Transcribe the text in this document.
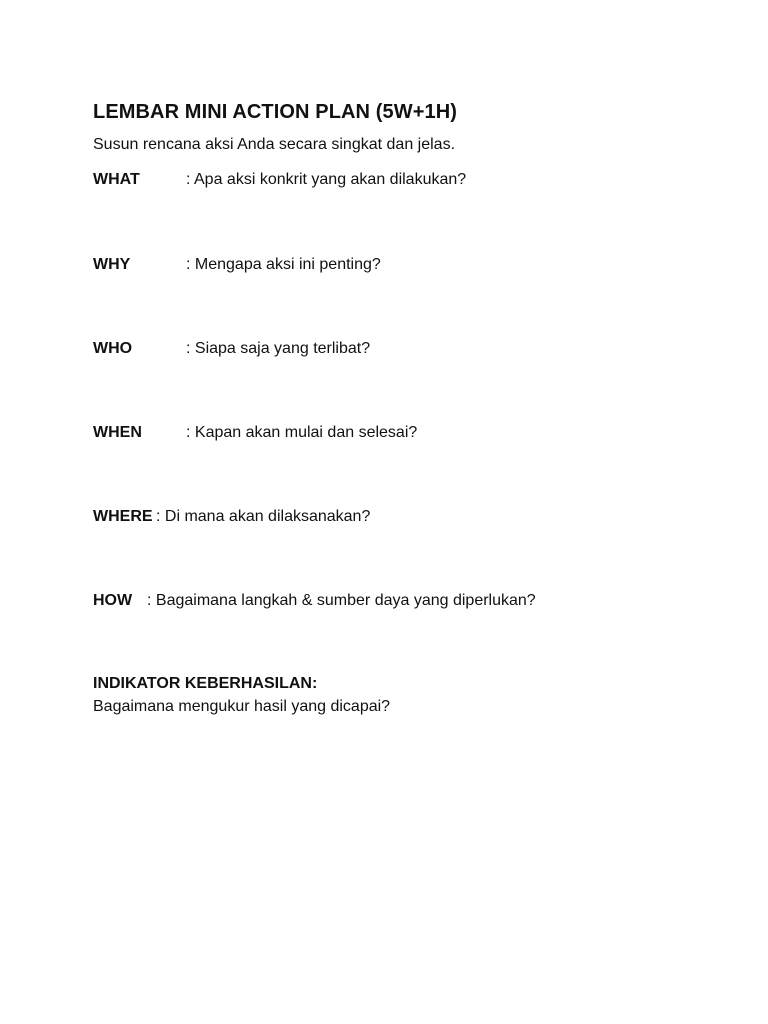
LEMBAR MINI ACTION PLAN (5W+1H)
Susun rencana aksi Anda secara singkat dan jelas.
WHAT	: Apa aksi konkrit yang akan dilakukan?
WHY	: Mengapa aksi ini penting?
WHO	: Siapa saja yang terlibat?
WHEN	: Kapan akan mulai dan selesai?
WHERE : Di mana akan dilaksanakan?
HOW : Bagaimana langkah & sumber daya yang diperlukan?
INDIKATOR KEBERHASILAN:
Bagaimana mengukur hasil yang dicapai?
